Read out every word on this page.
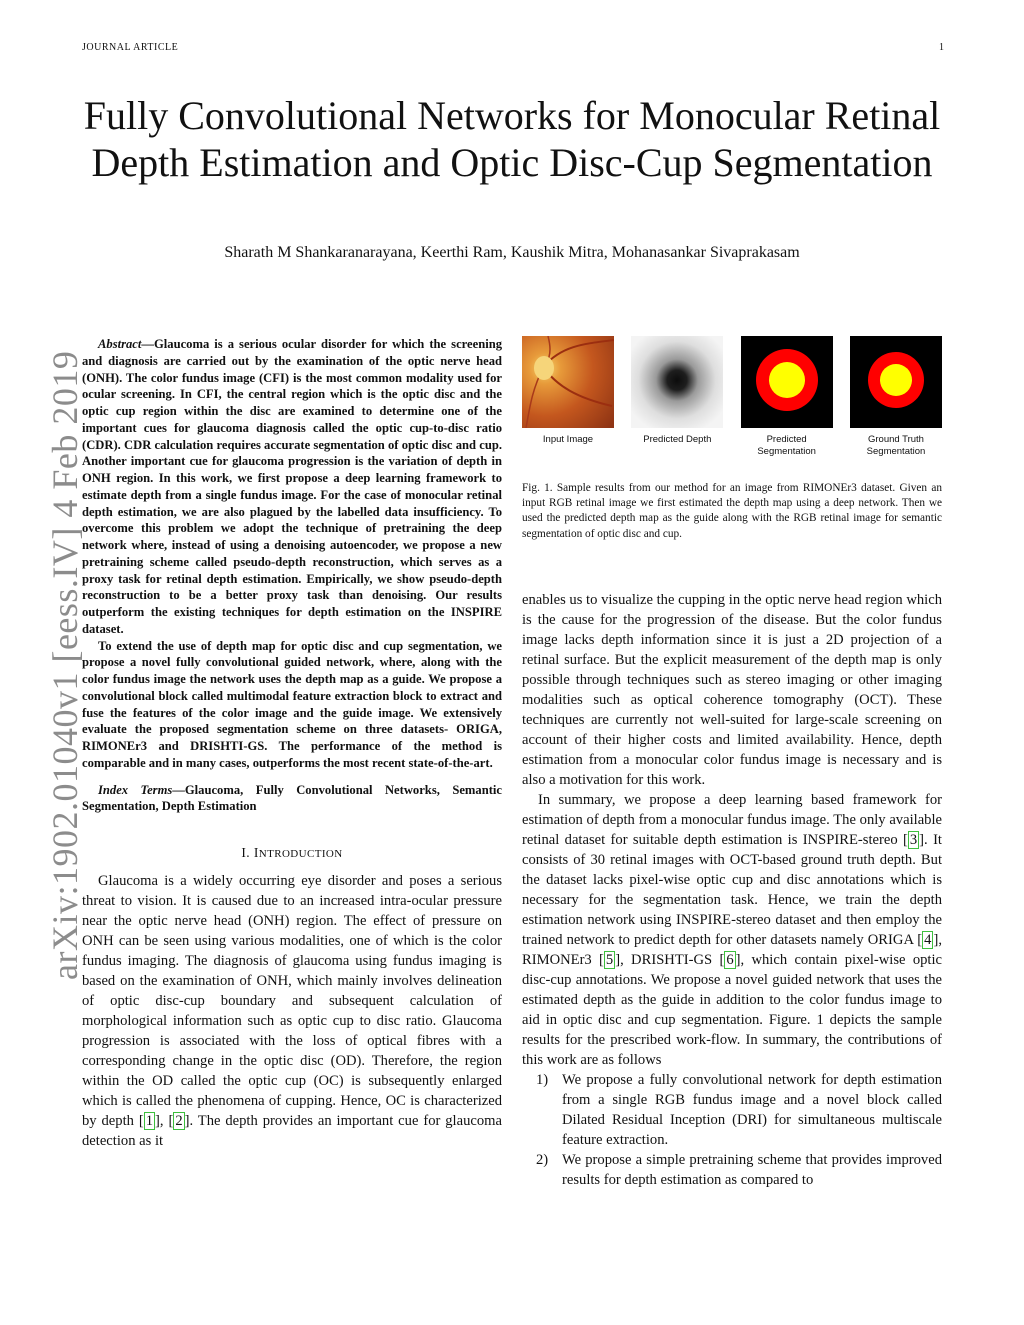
JOURNAL ARTICLE	1
Fully Convolutional Networks for Monocular Retinal Depth Estimation and Optic Disc-Cup Segmentation
Sharath M Shankaranarayana, Keerthi Ram, Kaushik Mitra, Mohanasankar Sivaprakasam
arXiv:1902.01040v1 [eess.IV] 4 Feb 2019

Abstract—Glaucoma is a serious ocular disorder for which the screening and diagnosis are carried out by the examination of the optic nerve head (ONH). The color fundus image (CFI) is the most common modality used for ocular screening. In CFI, the central region which is the optic disc and the optic cup region within the disc are examined to determine one of the important cues for glaucoma diagnosis called the optic cup-to-disc ratio (CDR). CDR calculation requires accurate segmentation of optic disc and cup. Another important cue for glaucoma progression is the variation of depth in ONH region. In this work, we first propose a deep learning framework to estimate depth from a single fundus image. For the case of monocular retinal depth estimation, we are also plagued by the labelled data insufficiency. To overcome this problem we adopt the technique of pretraining the deep network where, instead of using a denoising autoencoder, we propose a new pretraining scheme called pseudo-depth reconstruction, which serves as a proxy task for retinal depth estimation. Empirically, we show pseudo-depth reconstruction to be a better proxy task than denoising. Our results outperform the existing techniques for depth estimation on the INSPIRE dataset.

To extend the use of depth map for optic disc and cup segmentation, we propose a novel fully convolutional guided network, where, along with the color fundus image the network uses the depth map as a guide. We propose a convolutional block called multimodal feature extraction block to extract and fuse the features of the color image and the guide image. We extensively evaluate the proposed segmentation scheme on three datasets- ORIGA, RIMONEr3 and DRISHTI-GS. The performance of the method is comparable and in many cases, outperforms the most recent state-of-the-art.

Index Terms—Glaucoma, Fully Convolutional Networks, Semantic Segmentation, Depth Estimation
I. INTRODUCTION

Glaucoma is a widely occurring eye disorder and poses a serious threat to vision. It is caused due to an increased intra-ocular pressure near the optic nerve head (ONH) region. The effect of pressure on ONH can be seen using various modalities, one of which is the color fundus imaging. The diagnosis of glaucoma using fundus imaging is based on the examination of ONH, which mainly involves delineation of optic disc-cup boundary and subsequent calculation of morphological information such as optic cup to disc ratio. Glaucoma progression is associated with the loss of optical fibres with a corresponding change in the optic disc (OD). Therefore, the region within the OD called the optic cup (OC) is subsequently enlarged which is called the phenomena of cupping. Hence, OC is characterized by depth [ 1 ], [ 2 ]. The depth provides an important cue for glaucoma detection as it

Input Image	Predicted Depth	Predicted Segmentation
Ground Truth Segmentation
Fig. 1. Sample results from our method for an image from RIMONEr3 dataset. Given an input RGB retinal image we first estimated the depth map using a deep network. Then we used the predicted depth map as the guide along with the RGB retinal image for semantic segmentation of optic disc and cup.

enables us to visualize the cupping in the optic nerve head region which is the cause for the progression of the disease. But the color fundus image lacks depth information since it is just a 2D projection of a retinal surface. But the explicit measurement of the depth map is only possible through techniques such as stereo imaging or other imaging modalities such as optical coherence tomography (OCT). These techniques are currently not well-suited for large-scale screening on account of their higher costs and limited availability. Hence, depth estimation from a monocular color fundus image is necessary and is also a motivation for this work.

In summary, we propose a deep learning based framework for estimation of depth from a monocular fundus image. The only available retinal dataset for suitable depth estimation is INSPIRE-stereo [ 3 ]. It consists of 30 retinal images with OCT-based ground truth depth. But the dataset lacks pixel-wise optic cup and disc annotations which is necessary for the segmentation task. Hence, we train the depth estimation network using INSPIRE-stereo dataset and then employ the trained network to predict depth for other datasets namely ORIGA [ 4 ], RIMONEr3 [ 5 ], DRISHTI-GS [ 6 ], which contain pixel-wise optic disc-cup annotations. We propose a novel guided network that uses the estimated depth as the guide in addition to the color fundus image to aid in optic disc and cup segmentation. Figure. 1 depicts the sample results for the prescribed work-flow. In summary, the contributions of this work are as follows

1) We propose a fully convolutional network for depth estimation from a single RGB fundus image and a novel block called Dilated Residual Inception (DRI) for simultaneous multiscale feature extraction.
2) We propose a simple pretraining scheme that provides improved results for depth estimation as compared to
